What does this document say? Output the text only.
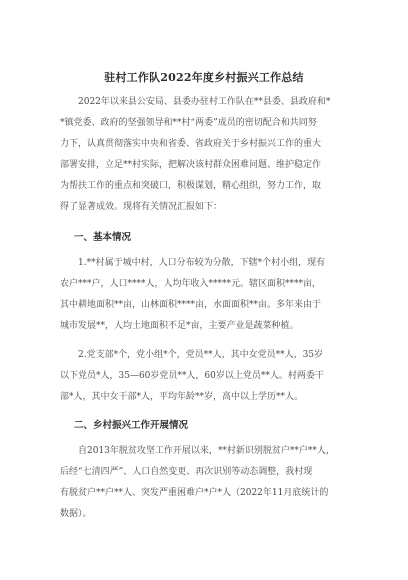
驻村工作队2022年度乡村振兴工作总结
2022年以来县公安局、县委办驻村工作队在**县委、县政府和*
*镇党委、政府的坚强领导和**村“两委”成员的密切配合和共同努
力下，认真贯彻落实中央和省委、省政府关于乡村振兴工作的重大
部署安排，立足**村实际，把解决该村群众困难问题、维护稳定作
为帮扶工作的重点和突破口，积极谋划，精心组织，努力工作，取
得了显著成效。现将有关情况汇报如下：
一、基本情况
1.**村属于城中村，人口分布较为分散，下辖*个村小组，现有
农户***户，人口****人，人均年收入*****元。辖区面积****亩，
其中耕地面积**亩，山林面积****亩，水面面积**亩。多年来由于
城市发展**，人均土地面积不足*亩，主要产业是蔬菜种植。
2.党支部*个，党小组*个，党员**人，其中女党员**人，35岁
以下党员*人，35—60岁党员**人，60岁以上党员**人。村两委干
部*人，其中女干部*人，平均年龄**岁，高中以上学历**人。
二、乡村振兴工作开展情况
自2013年脱贫攻坚工作开展以来，**村新识别脱贫户**户**人，
后经“七清四严”、人口自然变更、再次识别等动态调整，我村现
有脱贫户**户**人、突发严重困难户*户*人（2022年11月底统计的
数据）。
